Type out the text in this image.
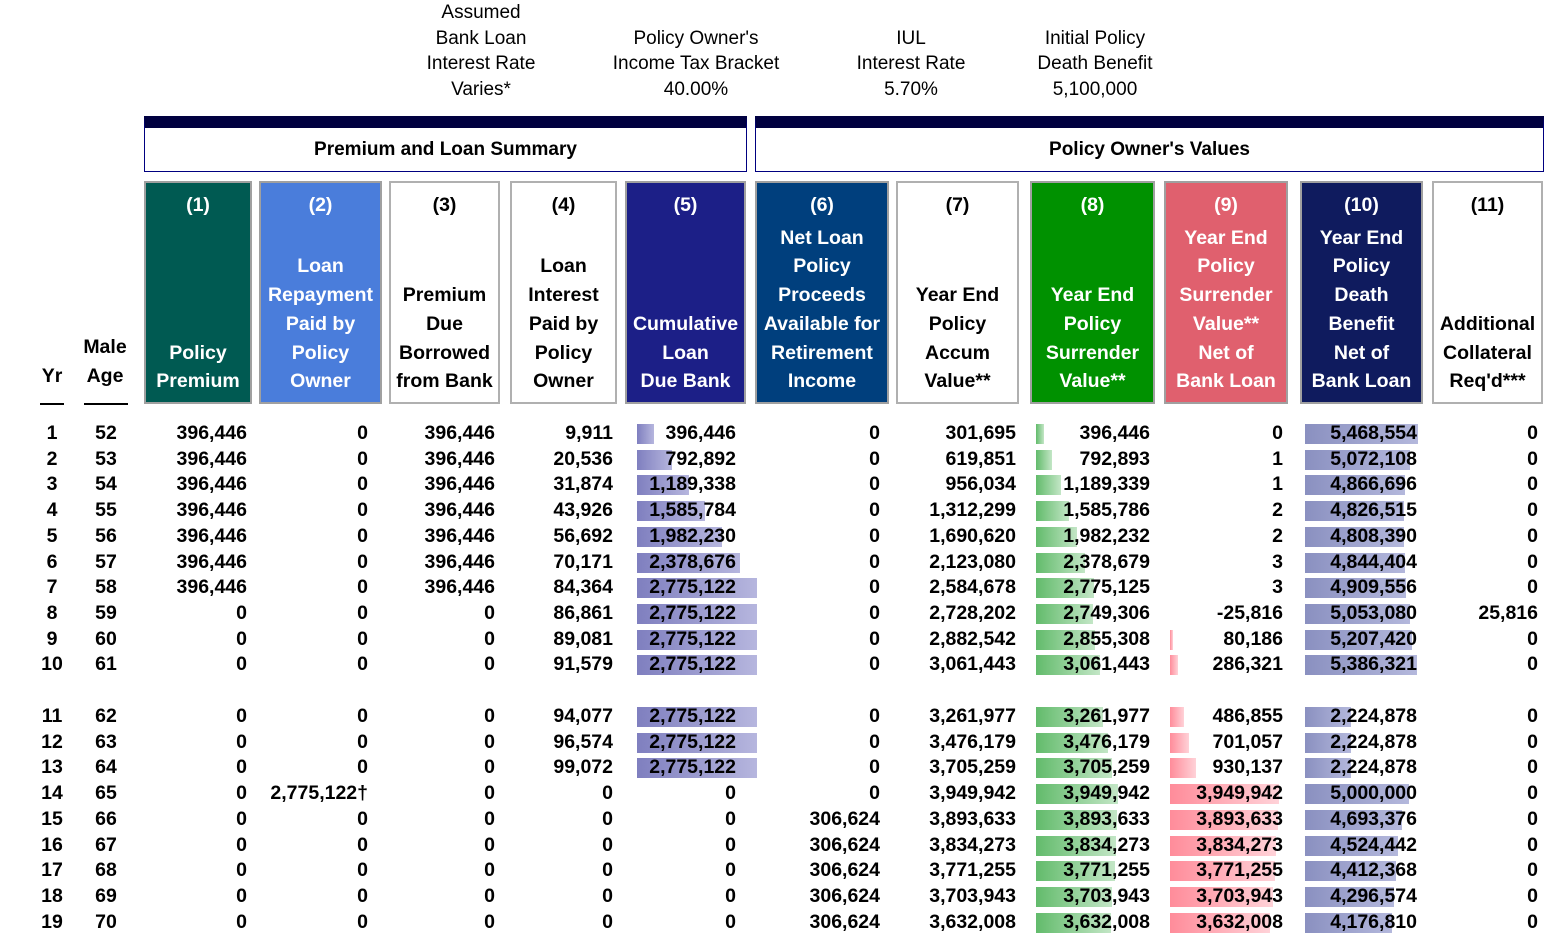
Assumed
Bank Loan
Interest Rate
Varies*
Policy Owner's
Income Tax Bracket
40.00%
IUL
Interest Rate
5.70%
Initial Policy
Death Benefit
5,100,000
Premium and Loan Summary	Policy Owner's Values
Yr
Male
Age
(1)
Policy
Premium
(2)
Loan
Repayment
Paid by
Policy
Owner
(3)
Premium
Due
Borrowed
from Bank
(4)
Loan
Interest
Paid by
Policy
Owner
(5)
Cumulative
Loan
Due Bank
(6)
Net Loan
Policy
Proceeds
Available for
Retirement
Income
(7)
Year End
Policy
Accum
Value**
(8)
Year End
Policy
Surrender
Value**
(9)
Year End
Policy
Surrender
Value**
Net of
Bank Loan
(10)
Year End
Policy
Death
Benefit
Net of
Bank Loan
(11)
Additional
Collateral
Req'd***
1	52	396,446	0	396,446	9,911	396,446	0	301,695	396,446	0	5,468,554	0
2	53	396,446	0	396,446	20,536	792,892	0	619,851	792,893	1	5,072,108	0
3	54	396,446	0	396,446	31,874	1,189,338	0	956,034	1,189,339	1	4,866,696	0
4	55	396,446	0	396,446	43,926	1,585,784	0	1,312,299	1,585,786	2	4,826,515	0
5	56	396,446	0	396,446	56,692	1,982,230	0	1,690,620	1,982,232	2	4,808,390	0
6	57	396,446	0	396,446	70,171	2,378,676	0	2,123,080	2,378,679	3	4,844,404	0
7	58	396,446	0	396,446	84,364	2,775,122	0	2,584,678	2,775,125	3	4,909,556	0
8	59	0	0	0	86,861	2,775,122	0	2,728,202	2,749,306	-25,816	5,053,080	25,816
9	60	0	0	0	89,081	2,775,122	0	2,882,542	2,855,308	80,186	5,207,420	0
10	61	0	0	0	91,579	2,775,122	0	3,061,443	3,061,443	286,321	5,386,321	0
11	62	0	0	0	94,077	2,775,122	0	3,261,977	3,261,977	486,855	2,224,878	0
12	63	0	0	0	96,574	2,775,122	0	3,476,179	3,476,179	701,057	2,224,878	0
13	64	0	0	0	99,072	2,775,122	0	3,705,259	3,705,259	930,137	2,224,878	0
14	65	0	2,775,122†	0	0	0	0	3,949,942	3,949,942	3,949,942	5,000,000	0
15	66	0	0	0	0	0	306,624	3,893,633	3,893,633	3,893,633	4,693,376	0
16	67	0	0	0	0	0	306,624	3,834,273	3,834,273	3,834,273	4,524,442	0
17	68	0	0	0	0	0	306,624	3,771,255	3,771,255	3,771,255	4,412,368	0
18	69	0	0	0	0	0	306,624	3,703,943	3,703,943	3,703,943	4,296,574	0
19	70	0	0	0	0	0	306,624	3,632,008	3,632,008	3,632,008	4,176,810	0
